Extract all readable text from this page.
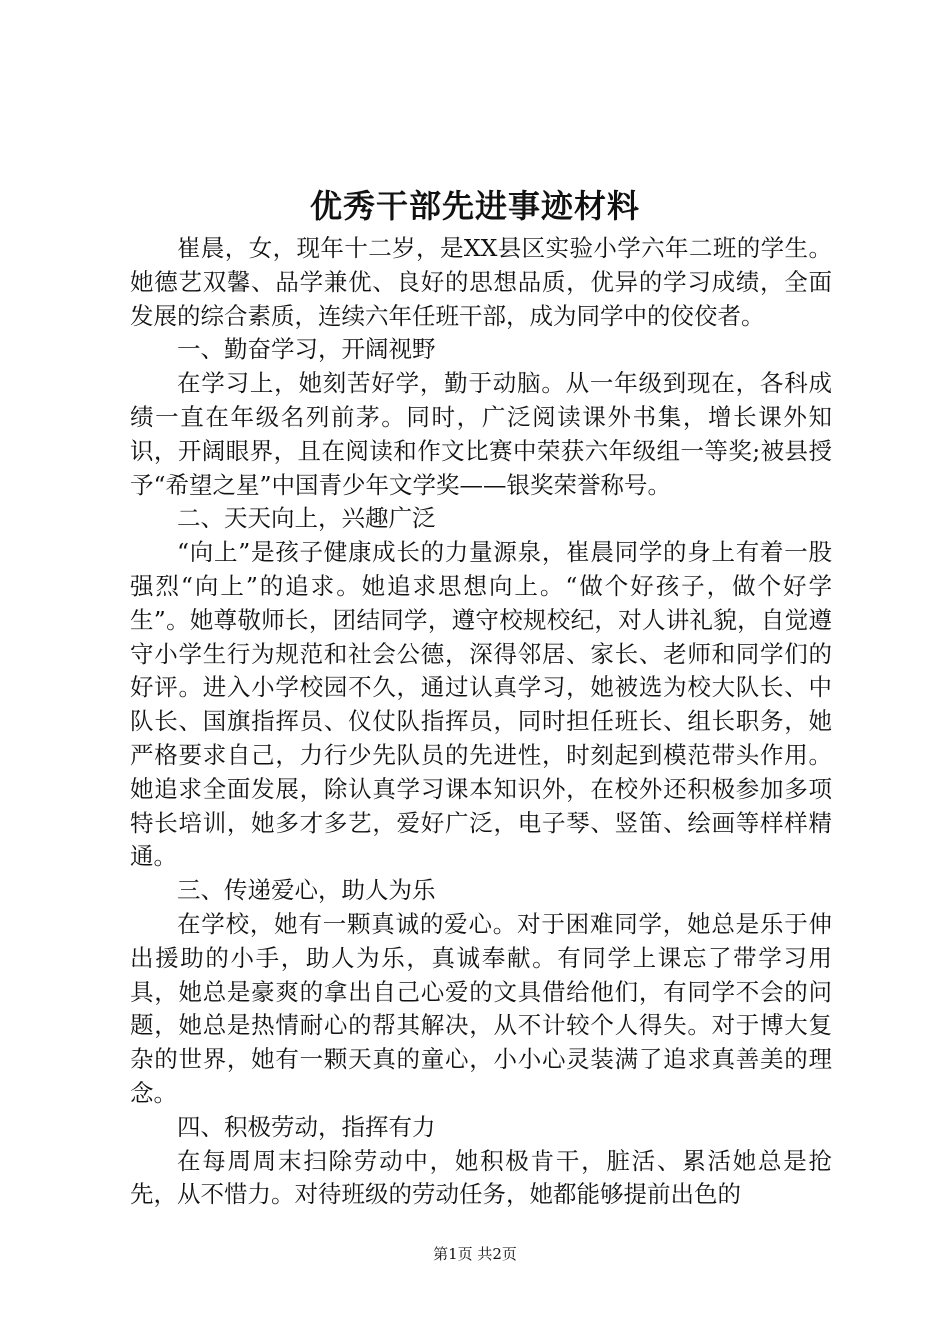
优秀干部先进事迹材料

崔晨，女，现年十二岁，是XX县区实验小学六年二班的学生。她德艺双馨、品学兼优、良好的思想品质，优异的学习成绩，全面发展的综合素质，连续六年任班干部，成为同学中的佼佼者。

一、勤奋学习，开阔视野

在学习上，她刻苦好学，勤于动脑。从一年级到现在，各科成绩一直在年级名列前茅。同时，广泛阅读课外书集，增长课外知识，开阔眼界，且在阅读和作文比赛中荣获六年级组一等奖;被县授予“希望之星”中国青少年文学奖——银奖荣誉称号。

二、天天向上，兴趣广泛

“向上”是孩子健康成长的力量源泉，崔晨同学的身上有着一股强烈“向上”的追求。她追求思想向上。“做个好孩子，做个好学生”。她尊敬师长，团结同学，遵守校规校纪，对人讲礼貌，自觉遵守小学生行为规范和社会公德，深得邻居、家长、老师和同学们的好评。进入小学校园不久，通过认真学习，她被选为校大队长、中队长、国旗指挥员、仪仗队指挥员，同时担任班长、组长职务，她严格要求自己，力行少先队员的先进性，时刻起到模范带头作用。她追求全面发展，除认真学习课本知识外，在校外还积极参加多项特长培训，她多才多艺，爱好广泛，电子琴、竖笛、绘画等样样精通。

三、传递爱心，助人为乐

在学校，她有一颗真诚的爱心。对于困难同学，她总是乐于伸出援助的小手，助人为乐，真诚奉献。有同学上课忘了带学习用具，她总是豪爽的拿出自己心爱的文具借给他们，有同学不会的问题，她总是热情耐心的帮其解决，从不计较个人得失。对于博大复杂的世界，她有一颗天真的童心，小小心灵装满了追求真善美的理念。

四、积极劳动，指挥有力

在每周周末扫除劳动中，她积极肯干，脏活、累活她总是抢先，从不惜力。对待班级的劳动任务，她都能够提前出色的

第1页 共2页
